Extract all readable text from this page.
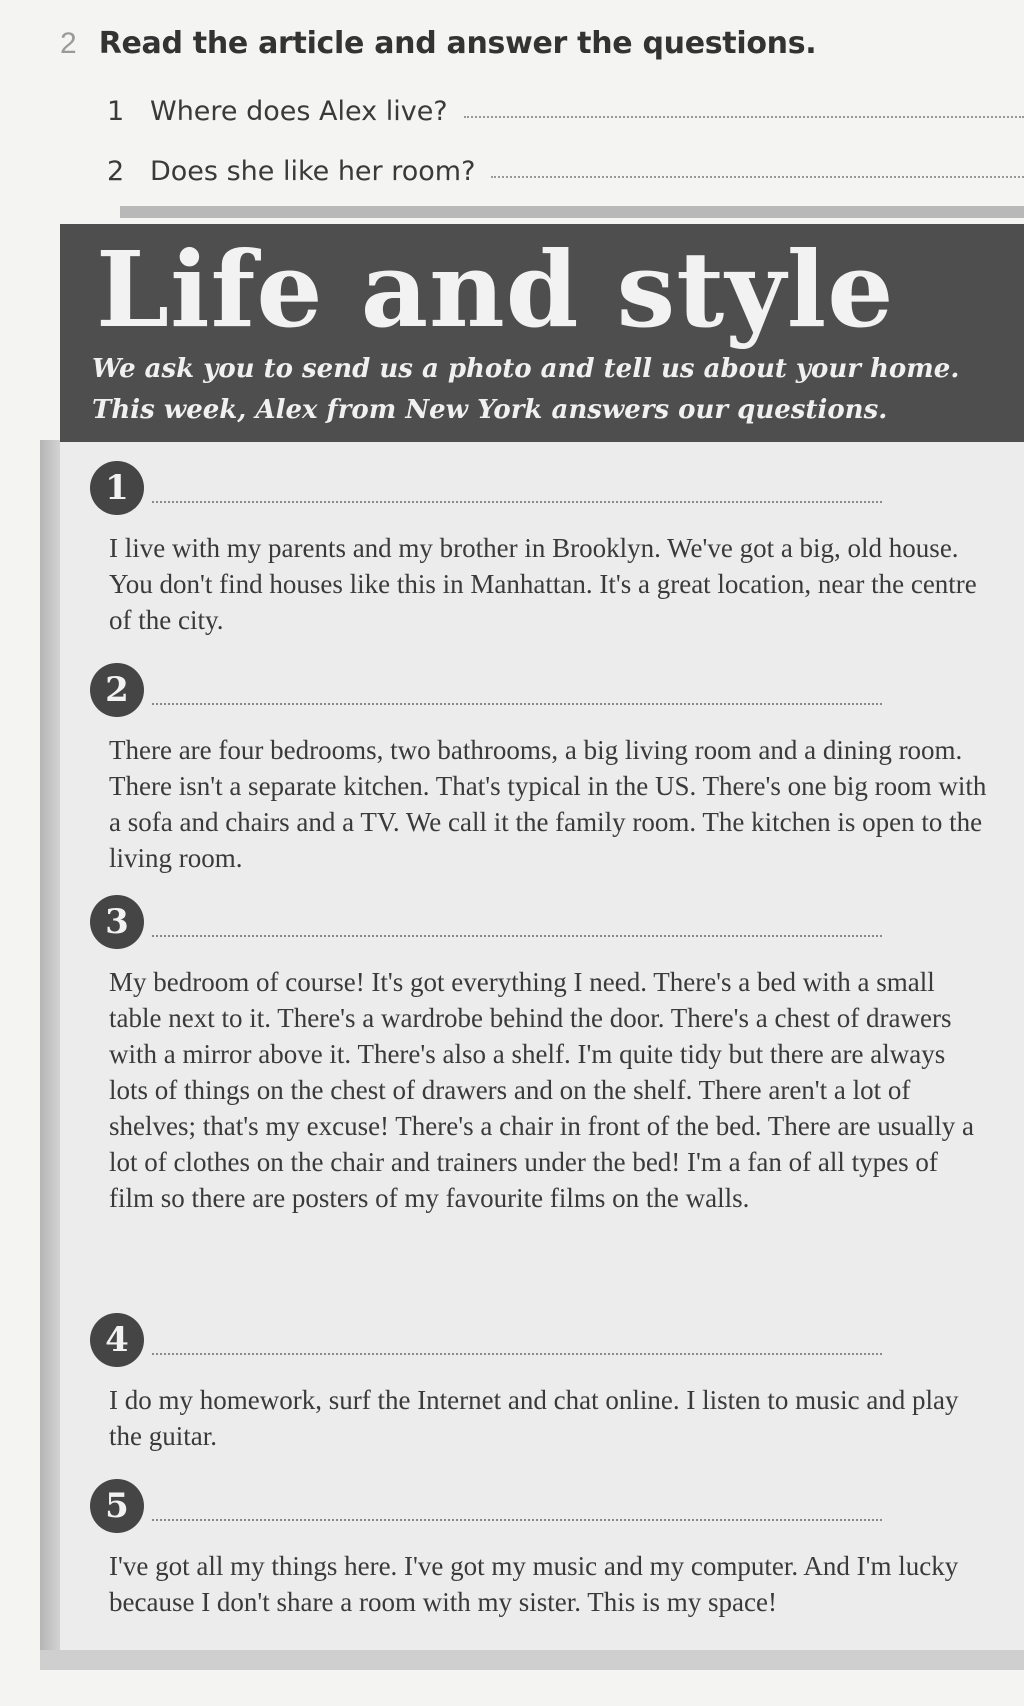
2 Read the article and answer the questions.
1 Where does Alex live?
2 Does she like her room?
Life and style
We ask you to send us a photo and tell us about your home.
This week, Alex from New York answers our questions.
1
I live with my parents and my brother in Brooklyn. We've got a big, old house. You don't find houses like this in Manhattan. It's a great location, near the centre of the city.
2
There are four bedrooms, two bathrooms, a big living room and a dining room. There isn't a separate kitchen. That's typical in the US. There's one big room with a sofa and chairs and a TV. We call it the family room. The kitchen is open to the living room.
3
My bedroom of course! It's got everything I need. There's a bed with a small table next to it. There's a wardrobe behind the door. There's a chest of drawers with a mirror above it. There's also a shelf. I'm quite tidy but there are always lots of things on the chest of drawers and on the shelf. There aren't a lot of shelves; that's my excuse! There's a chair in front of the bed. There are usually a lot of clothes on the chair and trainers under the bed! I'm a fan of all types of film so there are posters of my favourite films on the walls.
4
I do my homework, surf the Internet and chat online. I listen to music and play the guitar.
5
I've got all my things here. I've got my music and my computer. And I'm lucky because I don't share a room with my sister. This is my space!
